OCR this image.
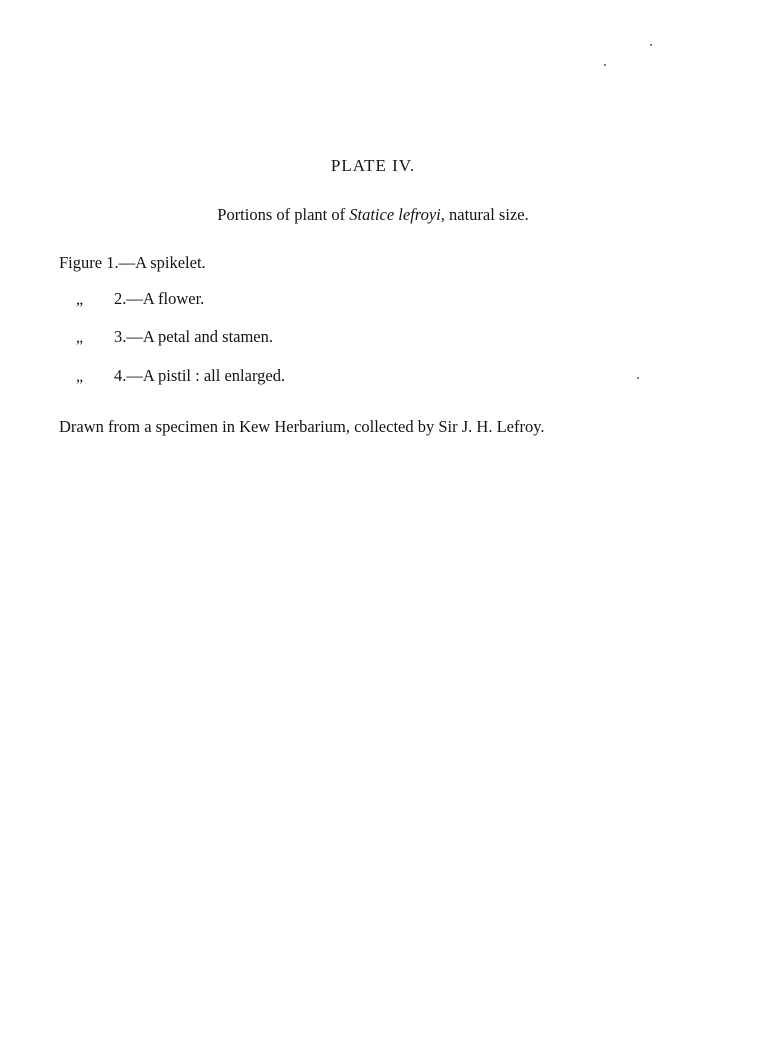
PLATE IV.
Portions of plant of Statice lefroyi, natural size.
Figure 1.—A spikelet.
„ 2.—A flower.
„ 3.—A petal and stamen.
„ 4.—A pistil : all enlarged.
Drawn from a specimen in Kew Herbarium, collected by Sir J. H. Lefroy.
